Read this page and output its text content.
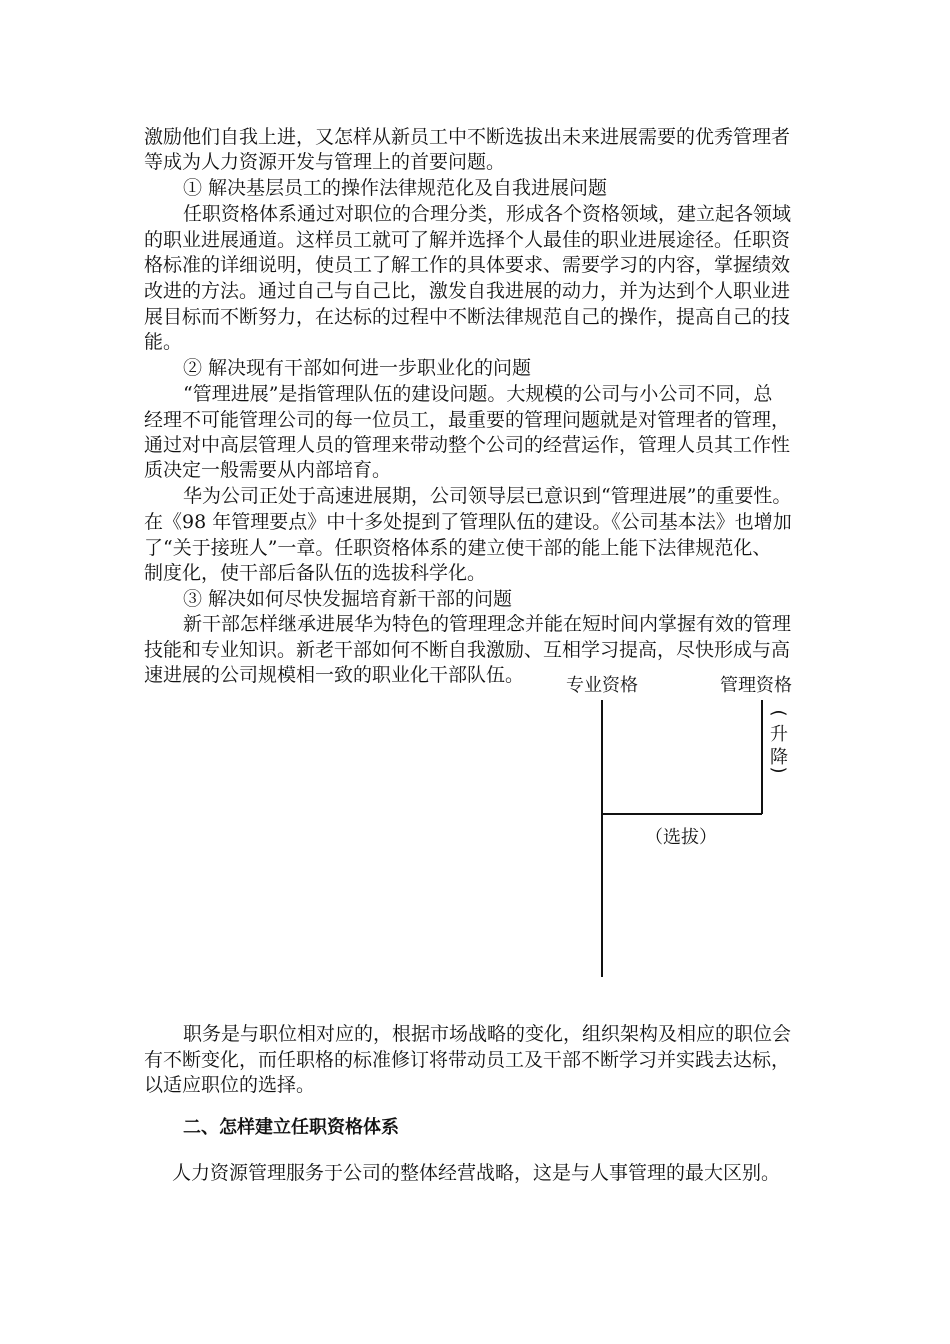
激励他们自我上进，又怎样从新员工中不断选拔出未来进展需要的优秀管理者
等成为人力资源开发与管理上的首要问题。
① 解决基层员工的操作法律规范化及自我进展问题
任职资格体系通过对职位的合理分类，形成各个资格领域，建立起各领域
的职业进展通道。这样员工就可了解并选择个人最佳的职业进展途径。任职资
格标准的详细说明，使员工了解工作的具体要求、需要学习的内容，掌握绩效
改进的方法。通过自己与自己比，激发自我进展的动力，并为达到个人职业进
展目标而不断努力，在达标的过程中不断法律规范自己的操作，提高自己的技
能。
② 解决现有干部如何进一步职业化的问题
“管理进展”是指管理队伍的建设问题。大规模的公司与小公司不同，总
经理不可能管理公司的每一位员工，最重要的管理问题就是对管理者的管理，
通过对中高层管理人员的管理来带动整个公司的经营运作，管理人员其工作性
质决定一般需要从内部培育。
华为公司正处于高速进展期，公司领导层已意识到“管理进展”的重要性。
在《98 年管理要点》中十多处提到了管理队伍的建设。《公司基本法》也增加
了“关于接班人”一章。任职资格体系的建立使干部的能上能下法律规范化、
制度化，使干部后备队伍的选拔科学化。
③ 解决如何尽快发掘培育新干部的问题
新干部怎样继承进展华为特色的管理理念并能在短时间内掌握有效的管理
技能和专业知识。新老干部如何不断自我激励、互相学习提高，尽快形成与高
速进展的公司规模相一致的职业化干部队伍。 专业资格	管理资格
(
升
降
)
（选拔）
职务是与职位相对应的，根据市场战略的变化，组织架构及相应的职位会
有不断变化，而任职格的标准修订将带动员工及干部不断学习并实践去达标，
以适应职位的选择。
二、怎样建立任职资格体系
人力资源管理服务于公司的整体经营战略，这是与人事管理的最大区别。
